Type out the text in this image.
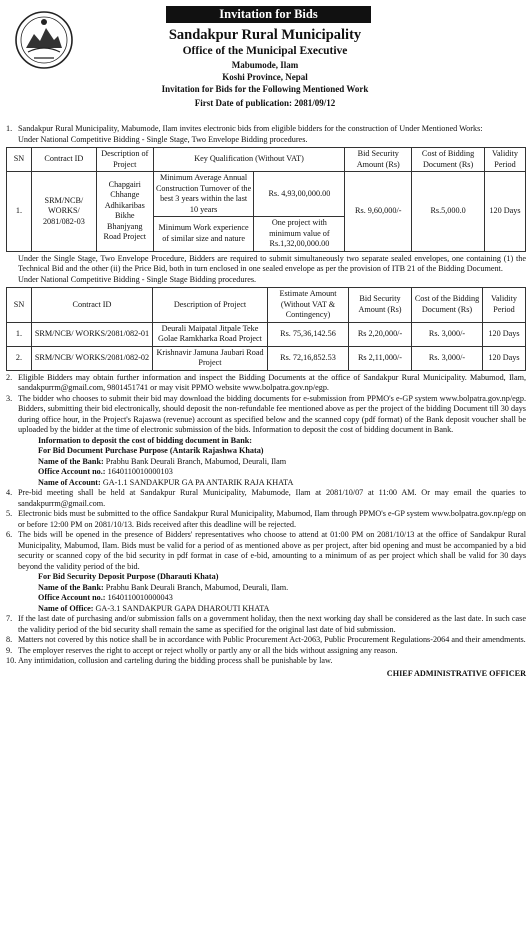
Invitation for Bids
Sandakpur Rural Municipality
Office of the Municipal Executive
Mabumode, Ilam
Koshi Province, Nepal
Invitation for Bids for the Following Mentioned Work
First Date of publication: 2081/09/12
1. Sandakpur Rural Municipality, Mabumode, Ilam invites electronic bids from eligible bidders for the construction of Under Mentioned Works:

Under National Competitive Bidding - Single Stage, Two Envelope Bidding procedures.

SN	Contract ID	Description of Project	Key Qualification (Without VAT)		Bid Security Amount (Rs)	Cost of Bidding Document (Rs)	Validity Period
1.	SRM/NCB/ WORKS/ 2081/082-03	Chapgairi Chhange Adhikaribas Bikhe Bhanjyang Road Project	Minimum Average Annual Construction Turnover of the best 3 years within the last 10 years	Rs. 4,93,00,000.00	Rs. 9,60,000/-	Rs.5,000.0	120 Days
			Minimum Work experience of similar size and nature	One project with minimum value of Rs.1,32,00,000.00			

Under the Single Stage, Two Envelope Procedure, Bidders are required to submit simultaneously two separate sealed envelopes, one containing (1) the Technical Bid and the other (ii) the Price Bid, both in turn enclosed in one sealed envelope as per the provision of ITB 21 of the Bidding Document.

Under National Competitive Bidding - Single Stage Bidding procedures.

SN	Contract ID	Description of Project	Estimate Amount (Without VAT & Contingency)	Bid Security Amount (Rs)	Cost of the Bidding Document (Rs)	Validity Period
1.	SRM/NCB/ WORKS/2081/082-01	Deurali Maipatal Jitpale Teke Golae Ramkharka Road Project	Rs. 75,36,142.56	Rs 2,20,000/-	Rs. 3,000/-	120 Days
2.	SRM/NCB/ WORKS/2081/082-02	Krishnavir Jamuna Jaubari Road Project	Rs. 72,16,852.53	Rs 2,11,000/-	Rs. 3,000/-	120 Days
2. Eligible Bidders may obtain further information and inspect the Bidding Documents at the office of Sandakpur Rural Municipality. Mabumod, Ilam, sandakpurrm@gmail.com, 9801451741 or may visit PPMO website www.bolpatra.gov.np/egp.
3. The bidder who chooses to submit their bid may download the bidding documents for e-submission from PPMO's e-GP system www.bolpatra.gov.np/egp. Bidders, submitting their bid electronically, should deposit the non-refundable fee mentioned above as per the project of the bidding Document till 30 days during office hour, in the Project's Rajaswa (revenue) account as specified below and the scanned copy (pdf format) of the Bank deposit voucher shall be uploaded by the bidder at the time of electronic submission of the bids. Information to deposit the cost of bidding document in Bank.
Information to deposit the cost of bidding document in Bank:
For Bid Document Purchase Purpose (Antarik Rajashwa Khata)
Name of the Bank: Prabhu Bank Deurali Branch, Mabumod, Deurali, Ilam
Office Account no.: 1640110010000103
Name of Account: GA-1.1 SANDAKPUR GA PA ANTARIK RAJA KHATA
4. Pre-bid meeting shall be held at Sandakpur Rural Municipality, Mabumode, Ilam at 2081/10/07 at 11:00 AM. Or may email the quaries to sandakpurrm@gmail.com.
5. Electronic bids must be submitted to the office Sandakpur Rural Municipality, Mabumod, Ilam through PPMO's e-GP system www.bolpatra.gov.np/egp on or before 12:00 PM on 2081/10/13. Bids received after this deadline will be rejected.
6. The bids will be opened in the presence of Bidders' representatives who choose to attend at 01:00 PM on 2081/10/13 at the office of Sandakpur Rural Municipality, Mabumod, Ilam. Bids must be valid for a period of as mentioned above as per project, after bid opening and must be accompanied by a bid security or scanned copy of the bid security in pdf format in case of e-bid, amounting to a minimum of as per project which shall be valid for 30 days beyond the validity period of the bid.
For Bid Security Deposit Purpose (Dharauti Khata)
Name of the Bank: Prabhu Bank Deurali Branch, Mabumod, Deurali, Ilam.
Office Account no.: 1640110010000043
Name of Office: GA-3.1 SANDAKPUR GAPA DHAROUTI KHATA
7. If the last date of purchasing and/or submission falls on a government holiday, then the next working day shall be considered as the last date. In such case the validity period of the bid security shall remain the same as specified for the original last date of bid submission.
8. Matters not covered by this notice shall be in accordance with Public Procurement Act-2063, Public Procurement Regulations-2064 and their amendments.
9. The employer reserves the right to accept or reject wholly or partly any or all the bids without assigning any reason.
10. Any intimidation, collusion and carteling during the bidding process shall be punishable by law.
CHIEF ADMINISTRATIVE OFFICER
